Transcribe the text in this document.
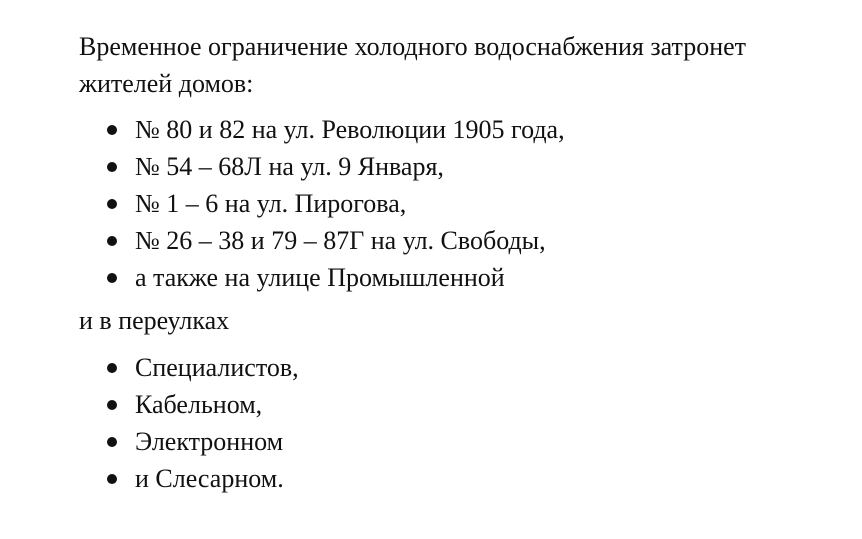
Временное ограничение холодного водоснабжения затронет жителей домов:

№ 80 и 82 на ул. Революции 1905 года,
№ 54 – 68Л на ул. 9 Января,
№ 1 – 6 на ул. Пирогова,
№ 26 – 38 и 79 – 87Г на ул. Свободы,
а также на улице Промышленной

и в переулках

Специалистов,
Кабельном,
Электронном
и Слесарном.
